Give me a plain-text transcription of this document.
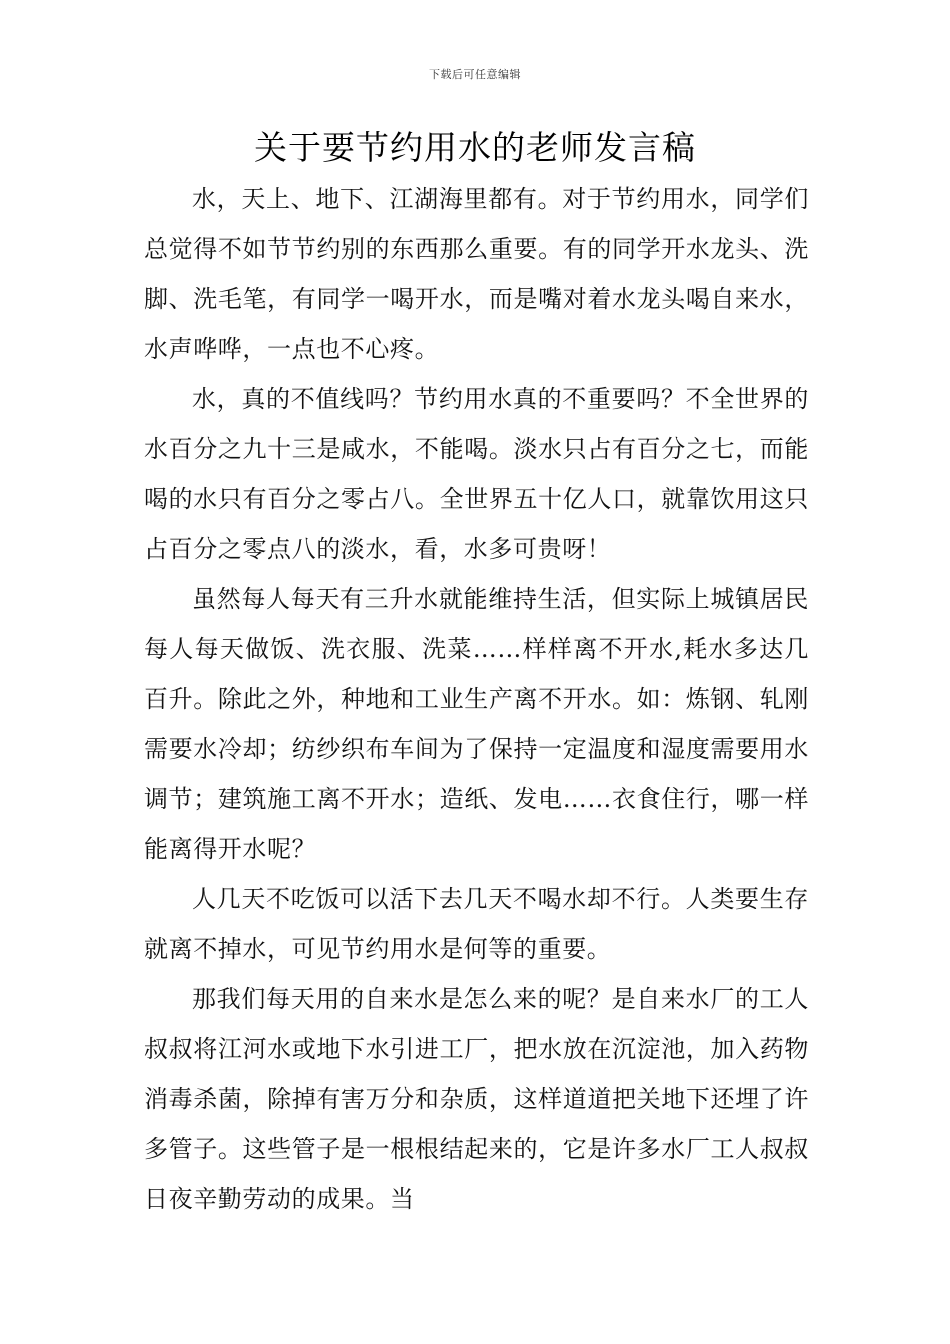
下载后可任意编辑
关于要节约用水的老师发言稿

水，天上、地下、江湖海里都有。对于节约用水，同学们总觉得不如节节约别的东西那么重要。有的同学开水龙头、洗脚、洗毛笔，有同学一喝开水，而是嘴对着水龙头喝自来水，水声哗哗，一点也不心疼。

水，真的不值线吗？节约用水真的不重要吗？不全世界的水百分之九十三是咸水，不能喝。淡水只占有百分之七，而能喝的水只有百分之零占八。全世界五十亿人口，就靠饮用这只占百分之零点八的淡水，看，水多可贵呀！

虽然每人每天有三升水就能维持生活，但实际上城镇居民每人每天做饭、洗衣服、洗菜……样样离不开水,耗水多达几百升。除此之外，种地和工业生产离不开水。如：炼钢、轧刚需要水冷却；纺纱织布车间为了保持一定温度和湿度需要用水调节；建筑施工离不开水；造纸、发电……衣食住行，哪一样能离得开水呢？

人几天不吃饭可以活下去几天不喝水却不行。人类要生存就离不掉水，可见节约用水是何等的重要。

那我们每天用的自来水是怎么来的呢？是自来水厂的工人叔叔将江河水或地下水引进工厂，把水放在沉淀池，加入药物消毒杀菌，除掉有害万分和杂质，这样道道把关地下还埋了许多管子。这些管子是一根根结起来的，它是许多水厂工人叔叔日夜辛勤劳动的成果。当
